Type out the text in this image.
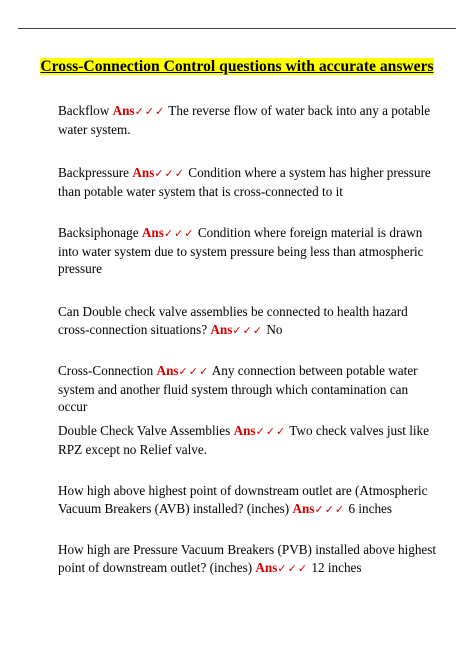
Cross-Connection Control questions with accurate answers
Backflow Ans✓✓✓ The reverse flow of water back into any a potable water system.
Backpressure Ans✓✓✓ Condition where a system has higher pressure than potable water system that is cross-connected to it
Backsiphonage Ans✓✓✓ Condition where foreign material is drawn into water system due to system pressure being less than atmospheric pressure
Can Double check valve assemblies be connected to health hazard cross-connection situations? Ans✓✓✓ No
Cross-Connection Ans✓✓✓ Any connection between potable water system and another fluid system through which contamination can occur
Double Check Valve Assemblies Ans✓✓✓ Two check valves just like RPZ except no Relief valve.
How high above highest point of downstream outlet are (Atmospheric Vacuum Breakers (AVB) installed? (inches) Ans✓✓✓ 6 inches
How high are Pressure Vacuum Breakers (PVB) installed above highest point of downstream outlet? (inches) Ans✓✓✓ 12 inches
